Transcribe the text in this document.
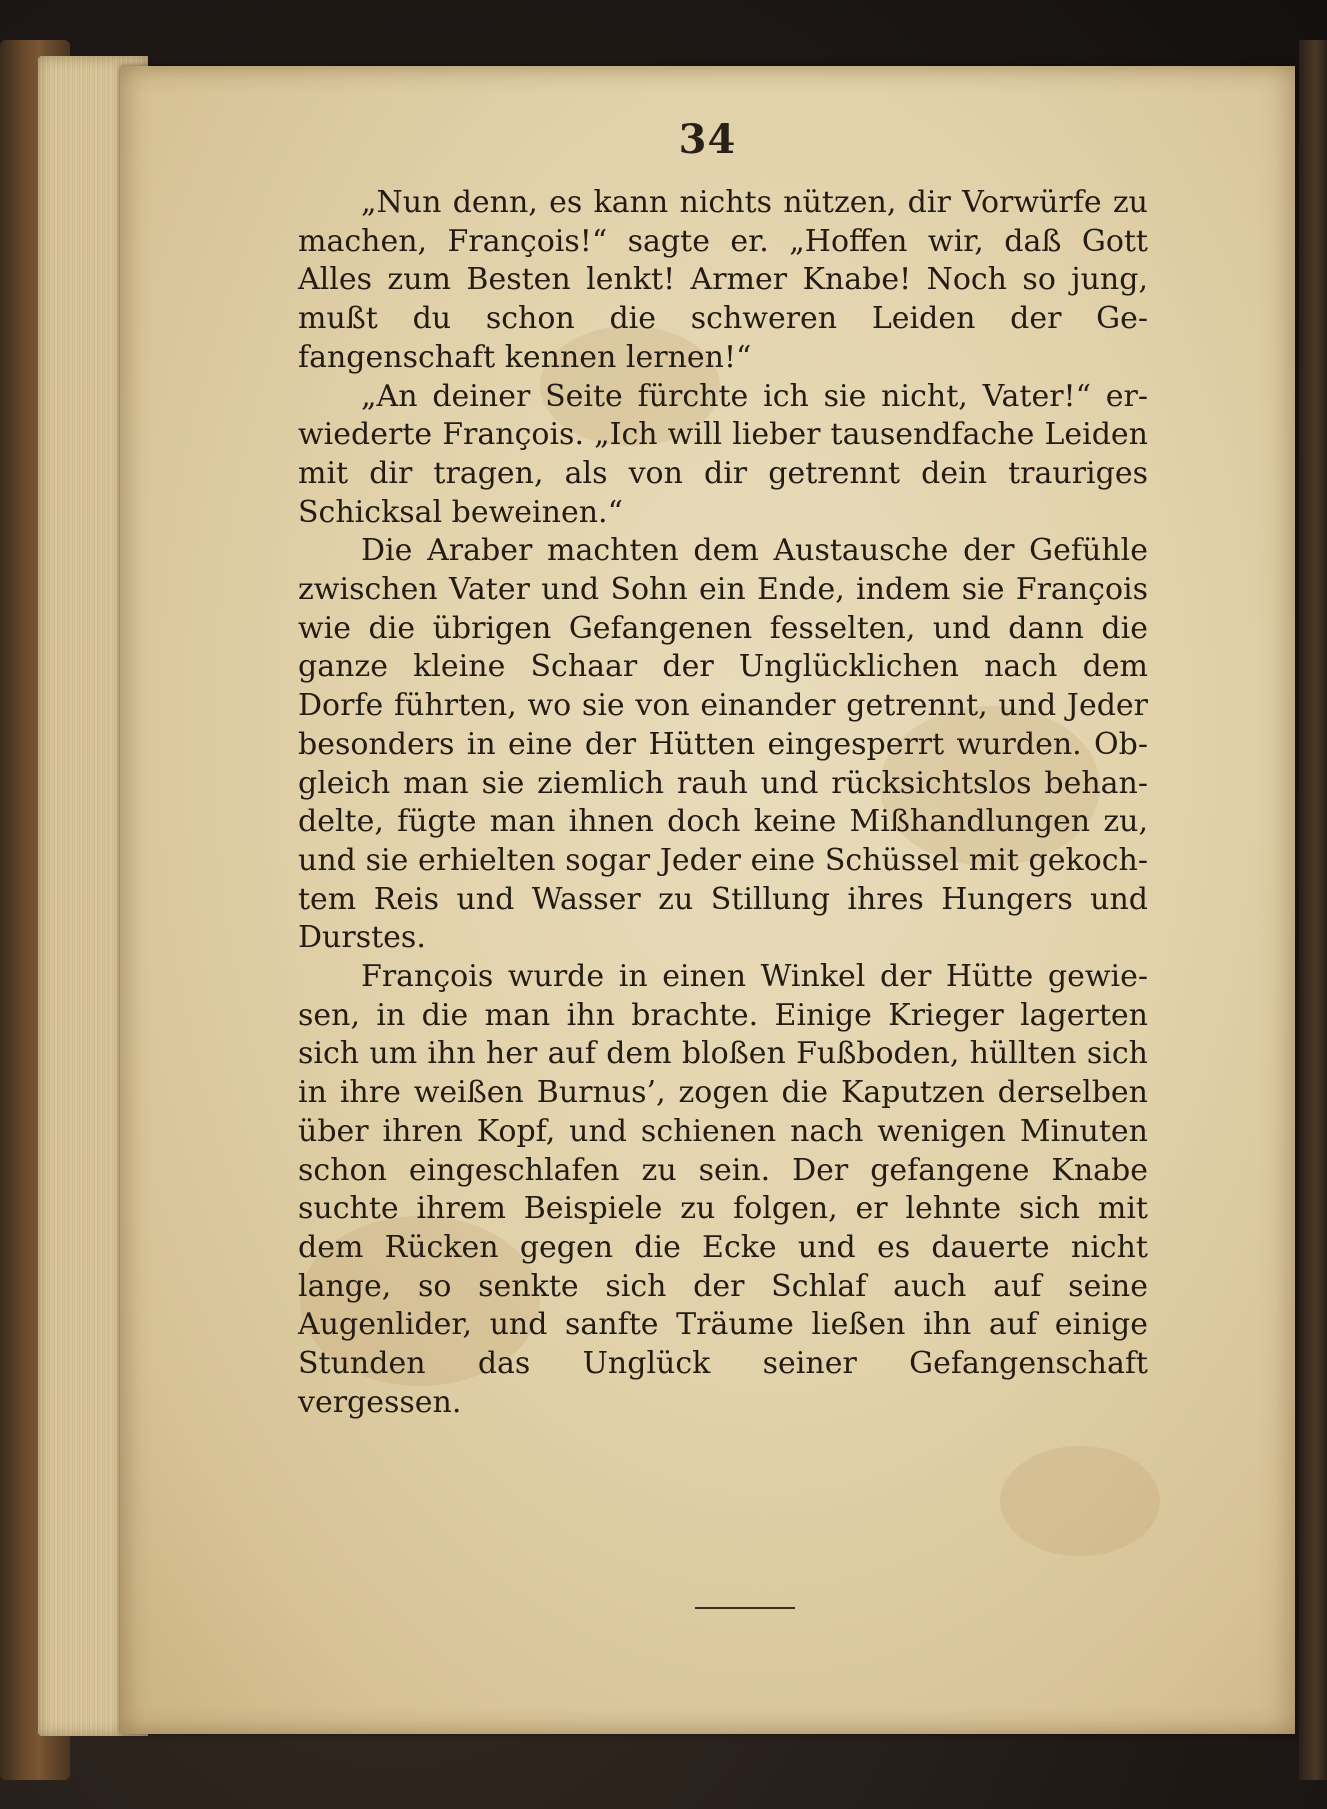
34

„Nun denn, es kann nichts nützen, dir Vorwürfe zu machen, François!“ sagte er. „Hoffen wir, daß Gott Alles zum Besten lenkt! Armer Knabe! Noch so jung, mußt du schon die schweren Leiden der Gefangenschaft kennen lernen!“

„An deiner Seite fürchte ich sie nicht, Vater!“ erwiederte François. „Ich will lieber tausendfache Leiden mit dir tragen, als von dir getrennt dein trauriges Schicksal beweinen.“

Die Araber machten dem Austausche der Gefühle zwischen Vater und Sohn ein Ende, indem sie François wie die übrigen Gefangenen fesselten, und dann die ganze kleine Schaar der Unglücklichen nach dem Dorfe führten, wo sie von einander getrennt, und Jeder besonders in eine der Hütten eingesperrt wurden. Obgleich man sie ziemlich rauh und rücksichtslos behandelte, fügte man ihnen doch keine Mißhandlungen zu, und sie erhielten sogar Jeder eine Schüssel mit gekochtem Reis und Wasser zu Stillung ihres Hungers und Durstes.

François wurde in einen Winkel der Hütte gewiesen, in die man ihn brachte. Einige Krieger lagerten sich um ihn her auf dem bloßen Fußboden, hüllten sich in ihre weißen Burnus’, zogen die Kaputzen derselben über ihren Kopf, und schienen nach wenigen Minuten schon eingeschlafen zu sein. Der gefangene Knabe suchte ihrem Beispiele zu folgen, er lehnte sich mit dem Rücken gegen die Ecke und es dauerte nicht lange, so senkte sich der Schlaf auch auf seine Augenlider, und sanfte Träume ließen ihn auf einige Stunden das Unglück seiner Gefangenschaft vergessen.
